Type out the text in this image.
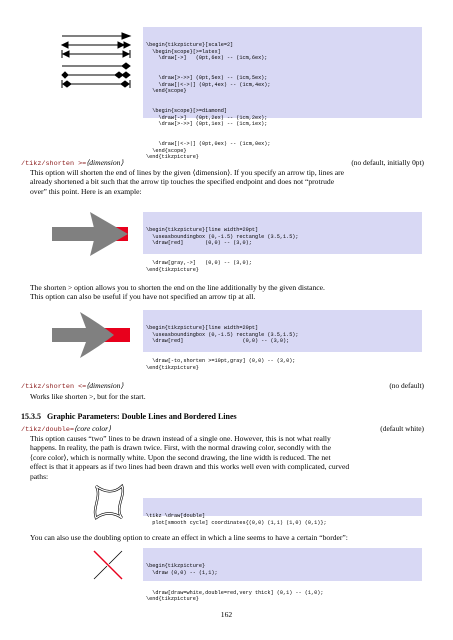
\begin{tikzpicture}[scale=2]
\begin{scope}[>=latex]
\draw[->]   (0pt,6ex) -- (1cm,6ex);

\draw[>->>] (0pt,5ex) -- (1cm,5ex);
\draw[|<->|] (0pt,4ex) -- (1cm,4ex);
\end{scope}

\begin{scope}[>=diamond]
\draw[->]   (0pt,2ex) -- (1cm,2ex);
\draw[>->>] (0pt,1ex) -- (1cm,1ex);

\draw[|<->|] (0pt,0ex) -- (1cm,0ex);
\end{scope}
\end{tikzpicture}

/tikz/shorten >=⟨dimension⟩	(no default, initially 0pt)
This option will shorten the end of lines by the given ⟨dimension⟩. If you specify an arrow tip, lines are
already shortened a bit such that the arrow tip touches the specified endpoint and does not “protrude
over” this point. Here is an example:

\begin{tikzpicture}[line width=20pt]
\useasboundingbox (0,-1.5) rectangle (3.5,1.5);
\draw[red]       (0,0) -- (3,0);

\draw[gray,->]   (0,0) -- (3,0);
\end{tikzpicture}

The shorten > option allows you to shorten the end on the line additionally by the given distance.
This option can also be useful if you have not specified an arrow tip at all.

\begin{tikzpicture}[line width=20pt]
\useasboundingbox (0,-1.5) rectangle (3.5,1.5);
\draw[red]                   (0,0) -- (3,0);

\draw[-to,shorten >=10pt,gray] (0,0) -- (3,0);
\end{tikzpicture}

/tikz/shorten <=⟨dimension⟩	(no default)
Works like shorten >, but for the start.
15.3.5 Graphic Parameters: Double Lines and Bordered Lines
/tikz/double=⟨core color⟩	(default white)
This option causes “two” lines to be drawn instead of a single one. However, this is not what really
happens. In reality, the path is drawn twice. First, with the normal drawing color, secondly with the
⟨core color⟩, which is normally white. Upon the second drawing, the line width is reduced. The net
effect is that it appears as if two lines had been drawn and this works well even with complicated, curved
paths:

\tikz \draw[double]
plot[smooth cycle] coordinates{(0,0) (1,1) (1,0) (0,1)};

You can also use the doubling option to create an effect in which a line seems to have a certain “border”:

\begin{tikzpicture}
\draw (0,0) -- (1,1);

\draw[draw=white,double=red,very thick] (0,1) -- (1,0);
\end{tikzpicture}

162
